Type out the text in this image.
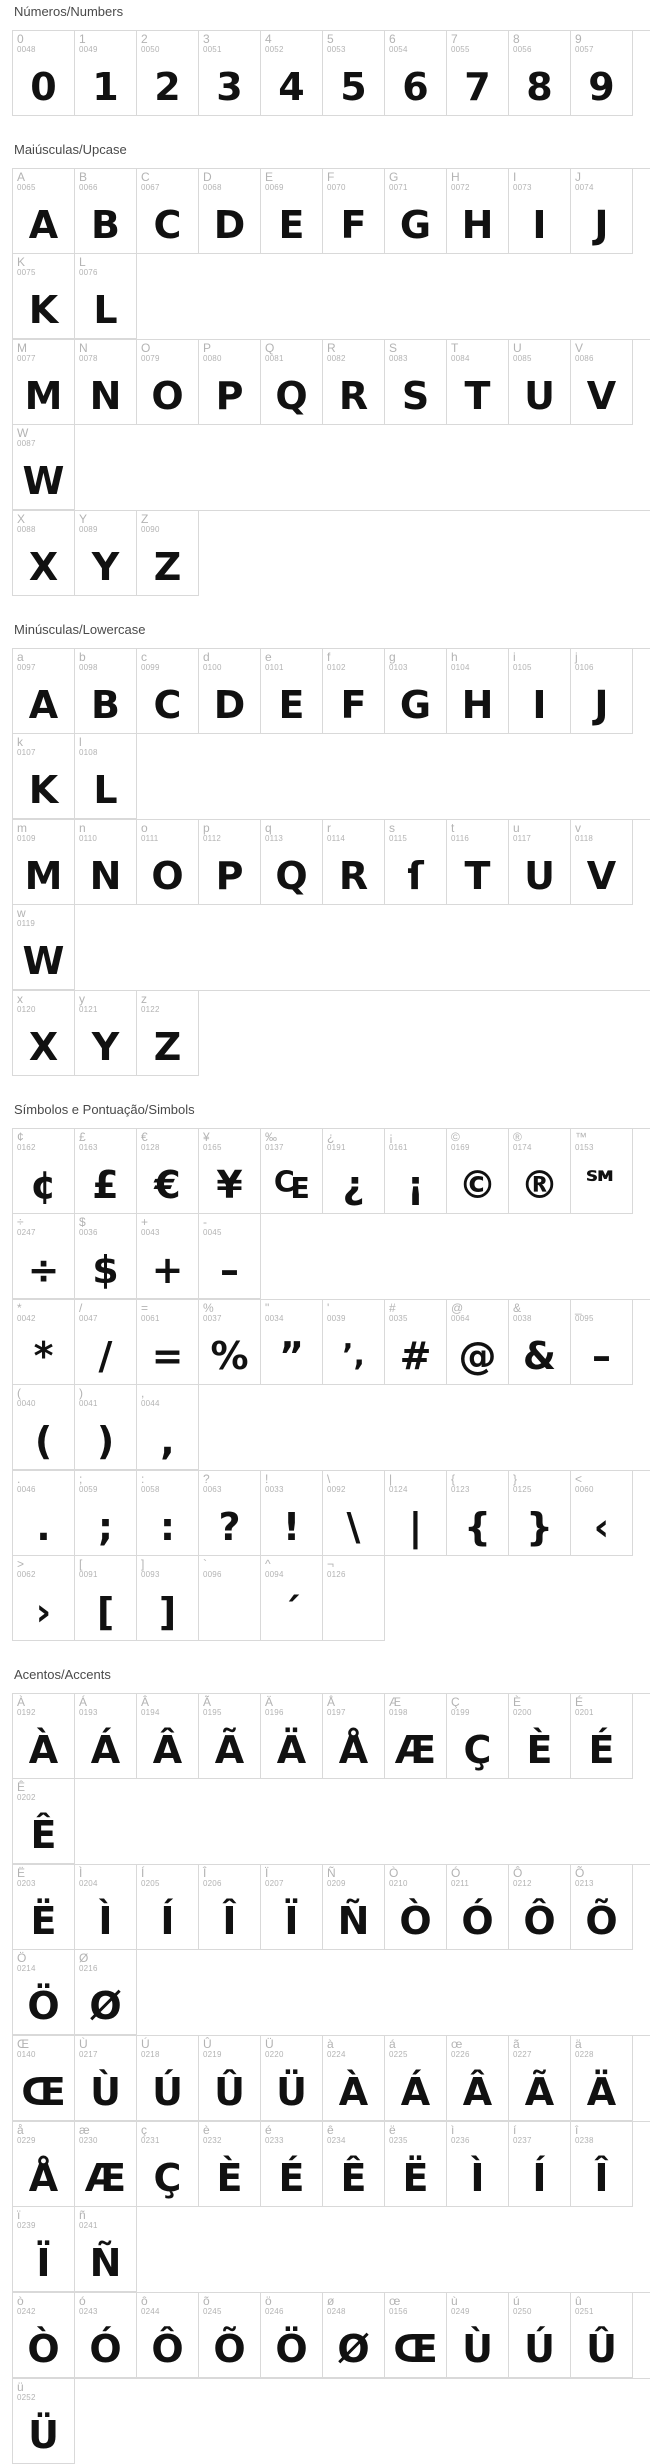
Números/Numbers
0
0048
0
1
0049
1
2
0050
2
3
0051
3
4
0052
4
5
0053
5
6
0054
6
7
0055
7
8
0056
8
9
0057
9
Maiúsculas/Upcase
A
0065
A
B
0066
B
C
0067
C
D
0068
D
E
0069
E
F
0070
F
G
0071
G
H
0072
H
I
0073
I
J
0074
J
K
0075
K
L
0076
L
M
0077
M
N
0078
N
O
0079
O
P
0080
P
Q
0081
Q
R
0082
R
S
0083
S
T
0084
T
U
0085
U
V
0086
V
W
0087
W
X
0088
X
Y
0089
Y
Z
0090
Z
Minúsculas/Lowercase
a
0097
A
b
0098
B
c
0099
C
d
0100
D
e
0101
E
f
0102
F
g
0103
G
h
0104
H
i
0105
I
j
0106
J
k
0107
K
l
0108
L
m
0109
M
n
0110
N
o
0111
O
p
0112
P
q
0113
Q
r
0114
R
s
0115
ſ
t
0116
T
u
0117
U
v
0118
V
w
0119
W
x
0120
X
y
0121
Y
z
0122
Z
Símbolos e Pontuação/Simbols
¢
0162
¢
£
0163
£
€
0128
€
¥
0165
¥
‰
0137
₠
¿
0191
¿
¡
0161
¡
©
0169
©
®
0174
®
™
0153
℠
÷
0247
÷
$
0036
$
+
0043
+
-
0045
–
*
0042
*
/
0047
/
=
0061
=
%
0037
%
"
0034
”
'
0039
’,
#
0035
#
@
0064
@
&
0038
&
_
0095
–
(
0040
(
)
0041
)
,
0044
,
.
0046
.
;
0059
;
:
0058
:
?
0063
?
!
0033
!
\
0092
\
|
0124
|
{
0123
{
}
0125
}
<
0060
‹
>
0062
›
[
0091
[
]
0093
]
`
0096
^
0094
´
¬
0126
Acentos/Accents
À
0192
À
Á
0193
Á
Â
0194
Â
Ã
0195
Ã
Ä
0196
Ä
Å
0197
Å
Æ
0198
Æ
Ç
0199
Ç
È
0200
È
É
0201
É
Ê
0202
Ê
Ë
0203
Ë
Ì
0204
Ì
Í
0205
Í
Î
0206
Î
Ï
0207
Ï
Ñ
0209
Ñ
Ò
0210
Ò
Ó
0211
Ó
Ô
0212
Ô
Õ
0213
Õ
Ö
0214
Ö
Ø
0216
Ø
Œ
0140
Œ
Ù
0217
Ù
Ú
0218
Ú
Û
0219
Û
Ü
0220
Ü
à
0224
À
á
0225
Á
œ
0226
Â
ã
0227
Ã
ä
0228
Ä
å
0229
Å
æ
0230
Æ
ç
0231
Ç
è
0232
È
é
0233
É
ê
0234
Ê
ë
0235
Ë
ì
0236
Ì
í
0237
Í
î
0238
Î
ï
0239
Ï
ñ
0241
Ñ
ò
0242
Ò
ó
0243
Ó
ô
0244
Ô
õ
0245
Õ
ö
0246
Ö
ø
0248
Ø
œ
0156
Œ
ù
0249
Ù
ú
0250
Ú
û
0251
Û
ü
0252
Ü
